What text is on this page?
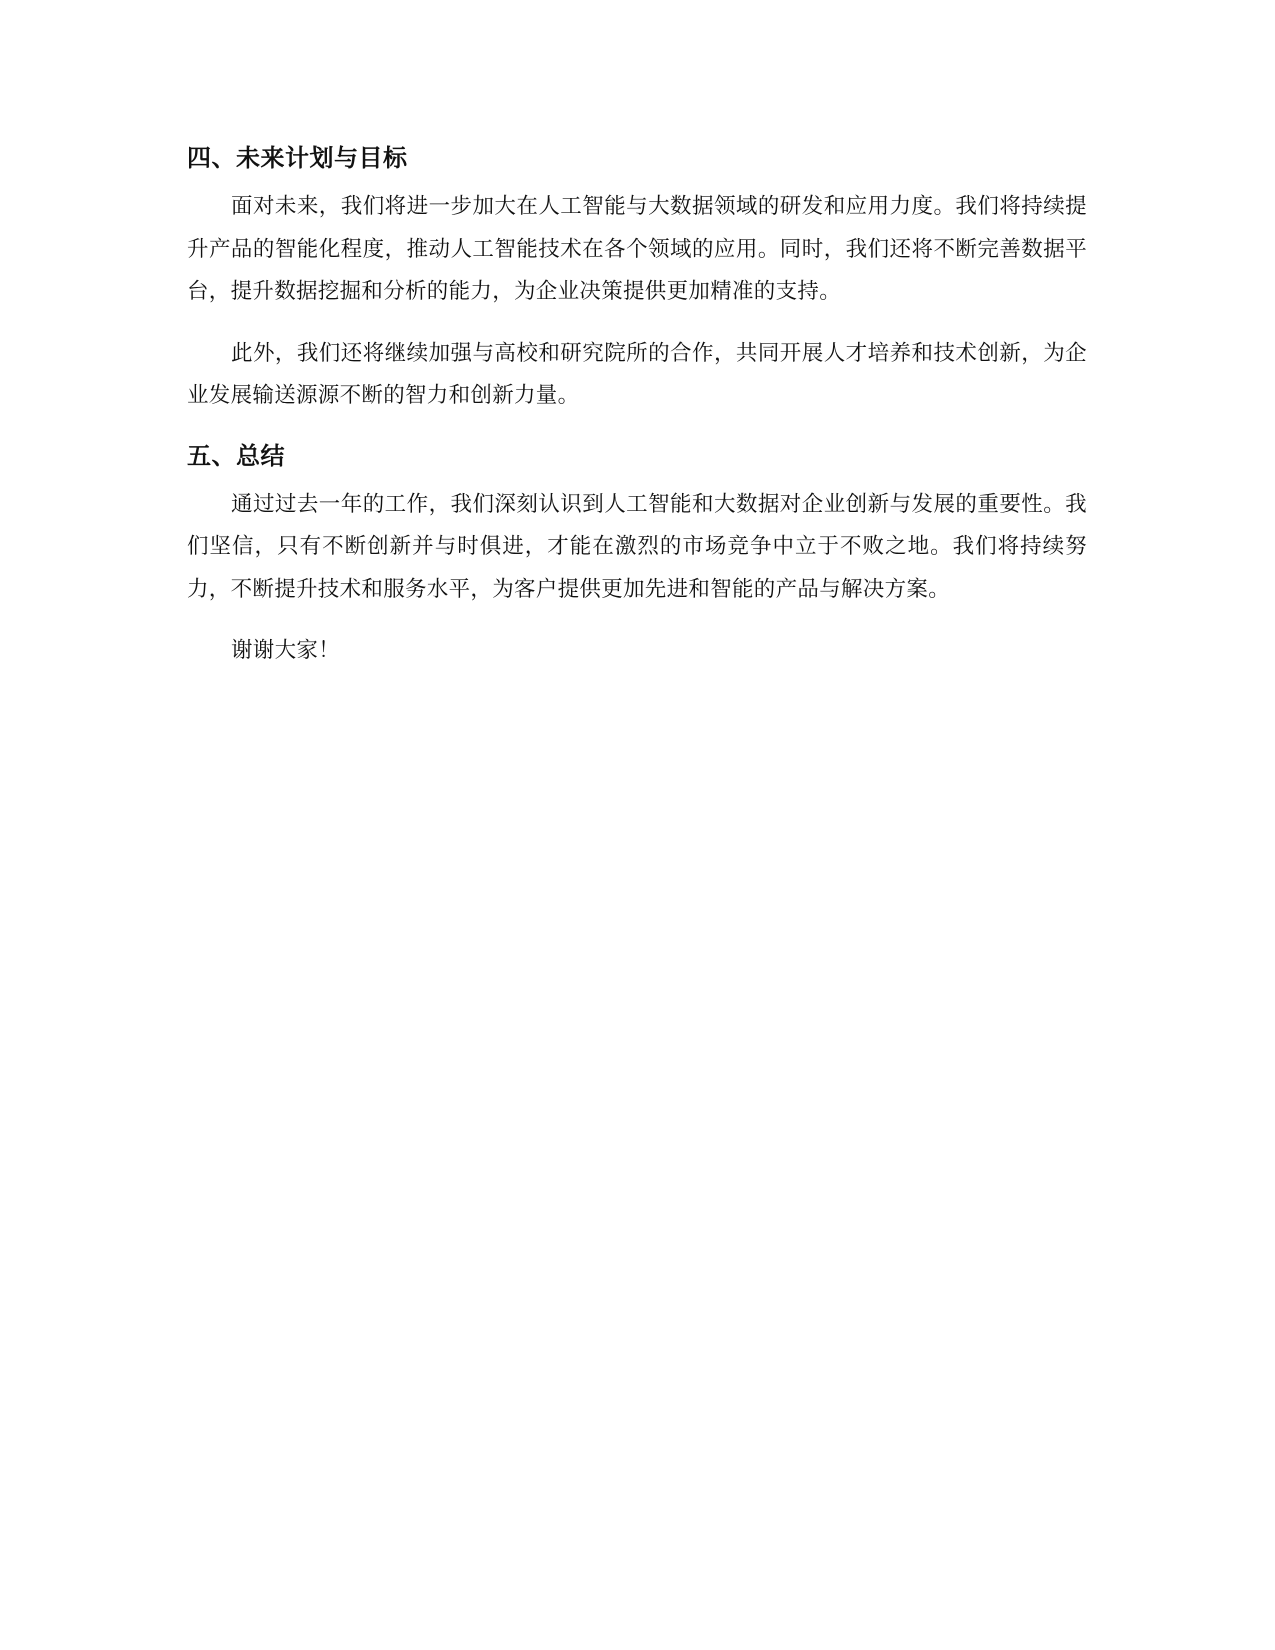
四、未来计划与目标

面对未来，我们将进一步加大在人工智能与大数据领域的研发和应用力度。我们将持续提升产品的智能化程度，推动人工智能技术在各个领域的应用。同时，我们还将不断完善数据平台，提升数据挖掘和分析的能力，为企业决策提供更加精准的支持。

此外，我们还将继续加强与高校和研究院所的合作，共同开展人才培养和技术创新，为企业发展输送源源不断的智力和创新力量。

五、总结

通过过去一年的工作，我们深刻认识到人工智能和大数据对企业创新与发展的重要性。我们坚信，只有不断创新并与时俱进，才能在激烈的市场竞争中立于不败之地。我们将持续努力，不断提升技术和服务水平，为客户提供更加先进和智能的产品与解决方案。

谢谢大家！
